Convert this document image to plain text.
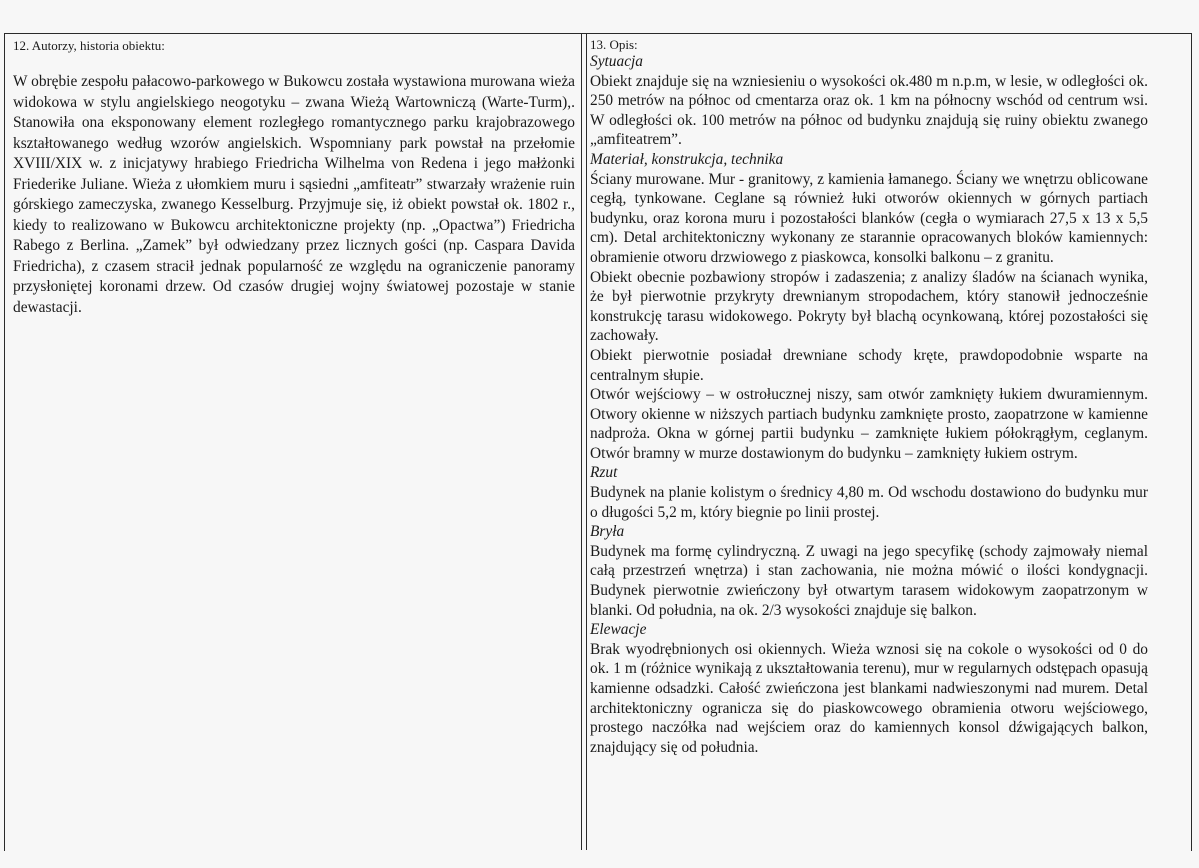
12. Autorzy, historia obiektu:

W obrębie zespołu pałacowo-parkowego w Bukowcu została wystawiona murowana wieża widokowa w stylu angielskiego neogotyku – zwana Wieżą Wartowniczą (Warte-Turm),. Stanowiła ona eksponowany element rozległego romantycznego parku krajobrazowego kształtowanego według wzorów angielskich. Wspomniany park powstał na przełomie XVIII/XIX w. z inicjatywy hrabiego Friedricha Wilhelma von Redena i jego małżonki Friederike Juliane. Wieża z ułomkiem muru i sąsiedni „amfiteatr” stwarzały wrażenie ruin górskiego zameczyska, zwanego Kesselburg. Przyjmuje się, iż obiekt powstał ok. 1802 r., kiedy to realizowano w Bukowcu architektoniczne projekty (np. „Opactwa”) Friedricha Rabego z Berlina. „Zamek” był odwiedzany przez licznych gości (np. Caspara Davida Friedricha), z czasem stracił jednak popularność ze względu na ograniczenie panoramy przysłoniętej koronami drzew. Od czasów drugiej wojny światowej pozostaje w stanie dewastacji.

13. Opis:

Sytuacja

Obiekt znajduje się na wzniesieniu o wysokości ok.480 m n.p.m, w lesie, w odległości ok. 250 metrów na północ od cmentarza oraz ok. 1 km na północny wschód od centrum wsi. W odległości ok. 100 metrów na północ od budynku znajdują się ruiny obiektu zwanego „amfiteatrem”.

Materiał, konstrukcja, technika

Ściany murowane. Mur - granitowy, z kamienia łamanego. Ściany we wnętrzu oblicowane cegłą, tynkowane. Ceglane są również łuki otworów okiennych w górnych partiach budynku, oraz korona muru i pozostałości blanków (cegła o wymiarach 27,5 x 13 x 5,5 cm). Detal architektoniczny wykonany ze starannie opracowanych bloków kamiennych: obramienie otworu drzwiowego z piaskowca, konsolki balkonu – z granitu.

Obiekt obecnie pozbawiony stropów i zadaszenia; z analizy śladów na ścianach wynika, że był pierwotnie przykryty drewnianym stropodachem, który stanowił jednocześnie konstrukcję tarasu widokowego. Pokryty był blachą ocynkowaną, której pozostałości się zachowały.

Obiekt pierwotnie posiadał drewniane schody kręte, prawdopodobnie wsparte na centralnym słupie.

Otwór wejściowy – w ostrołucznej niszy, sam otwór zamknięty łukiem dwuramiennym. Otwory okienne w niższych partiach budynku zamknięte prosto, zaopatrzone w kamienne nadproża. Okna w górnej partii budynku – zamknięte łukiem półokrągłym, ceglanym. Otwór bramny w murze dostawionym do budynku – zamknięty łukiem ostrym.

Rzut

Budynek na planie kolistym o średnicy 4,80 m. Od wschodu dostawiono do budynku mur o długości 5,2 m, który biegnie po linii prostej.

Bryła

Budynek ma formę cylindryczną. Z uwagi na jego specyfikę (schody zajmowały niemal całą przestrzeń wnętrza) i stan zachowania, nie można mówić o ilości kondygnacji. Budynek pierwotnie zwieńczony był otwartym tarasem widokowym zaopatrzonym w blanki. Od południa, na ok. 2/3 wysokości znajduje się balkon.

Elewacje

Brak wyodrębnionych osi okiennych. Wieża wznosi się na cokole o wysokości od 0 do ok. 1 m (różnice wynikają z ukształtowania terenu), mur w regularnych odstępach opasują kamienne odsadzki. Całość zwieńczona jest blankami nadwieszonymi nad murem. Detal architektoniczny ogranicza się do piaskowcowego obramienia otworu wejściowego, prostego naczółka nad wejściem oraz do kamiennych konsol dźwigających balkon, znajdujący się od południa.
